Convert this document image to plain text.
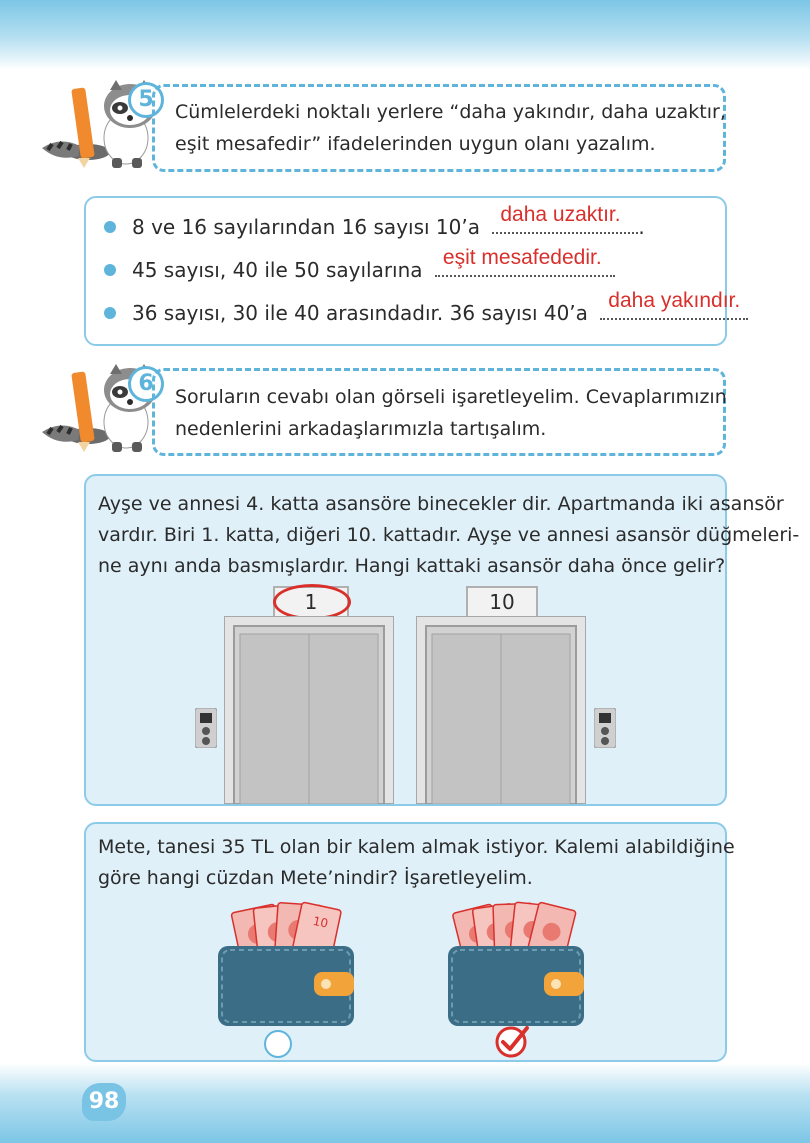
5	Cümlelerdeki noktalı yerlere “daha yakındır, daha uzaktır,
eşit mesafedir” ifadelerinden uygun olanı yazalım.
8 ve 16 sayılarından 16 sayısı 10’a
daha uzaktır.
.
45 sayısı, 40 ile 50 sayılarına
eşit mesafededir.
36 sayısı, 30 ile 40 arasındadır. 36 sayısı 40’a
daha yakındır.
6
Soruların cevabı olan görseli işaretleyelim. Cevaplarımızın
nedenlerini arkadaşlarımızla tartışalım.
Ayşe ve annesi 4. katta asansöre binecekler dir. Apartmanda iki asansör
vardır. Biri 1. katta, diğeri 10. kattadır. Ayşe ve annesi asansör düğmeleri-
ne aynı anda basmışlardır. Hangi kattaki asansör daha önce gelir?
1	10
Mete, tanesi 35 TL olan bir kalem almak istiyor. Kalemi alabildiğine
göre hangi cüzdan Mete’nindir? İşaretleyelim.
10
98
